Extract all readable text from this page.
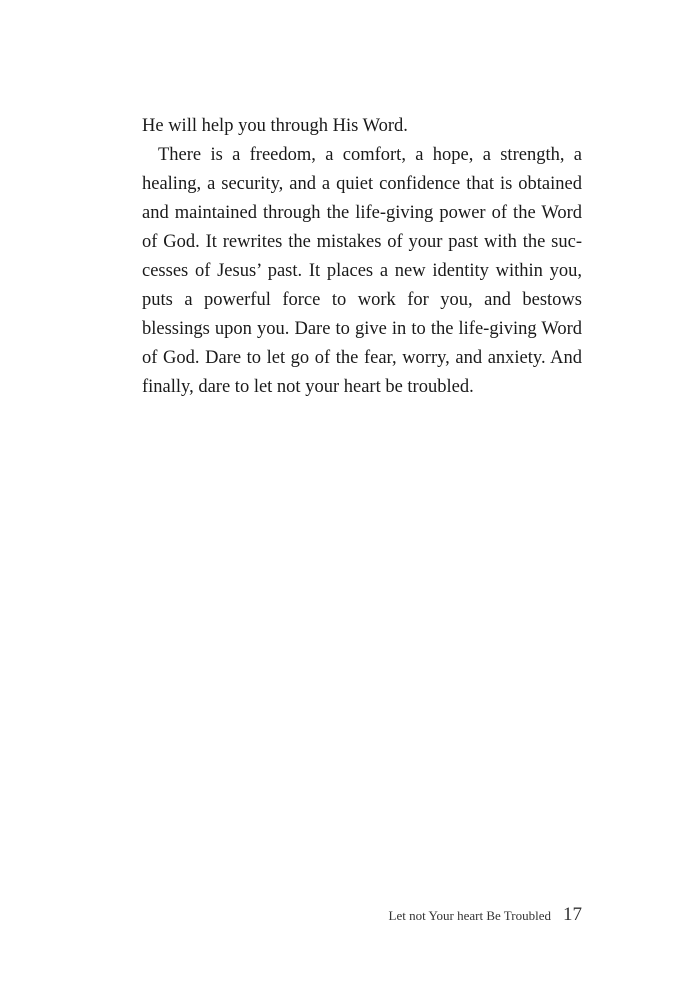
He will help you through His Word.

There is a freedom, a comfort, a hope, a strength, a healing, a security, and a quiet confidence that is obtained and maintained through the life-giving power of the Word of God. It rewrites the mistakes of your past with the suc-cesses of Jesus’ past. It places a new identity within you, puts a powerful force to work for you, and bestows blessings upon you. Dare to give in to the life-giving Word of God. Dare to let go of the fear, worry, and anxiety. And finally, dare to let not your heart be troubled.

Let not Your heart Be Troubled 17
